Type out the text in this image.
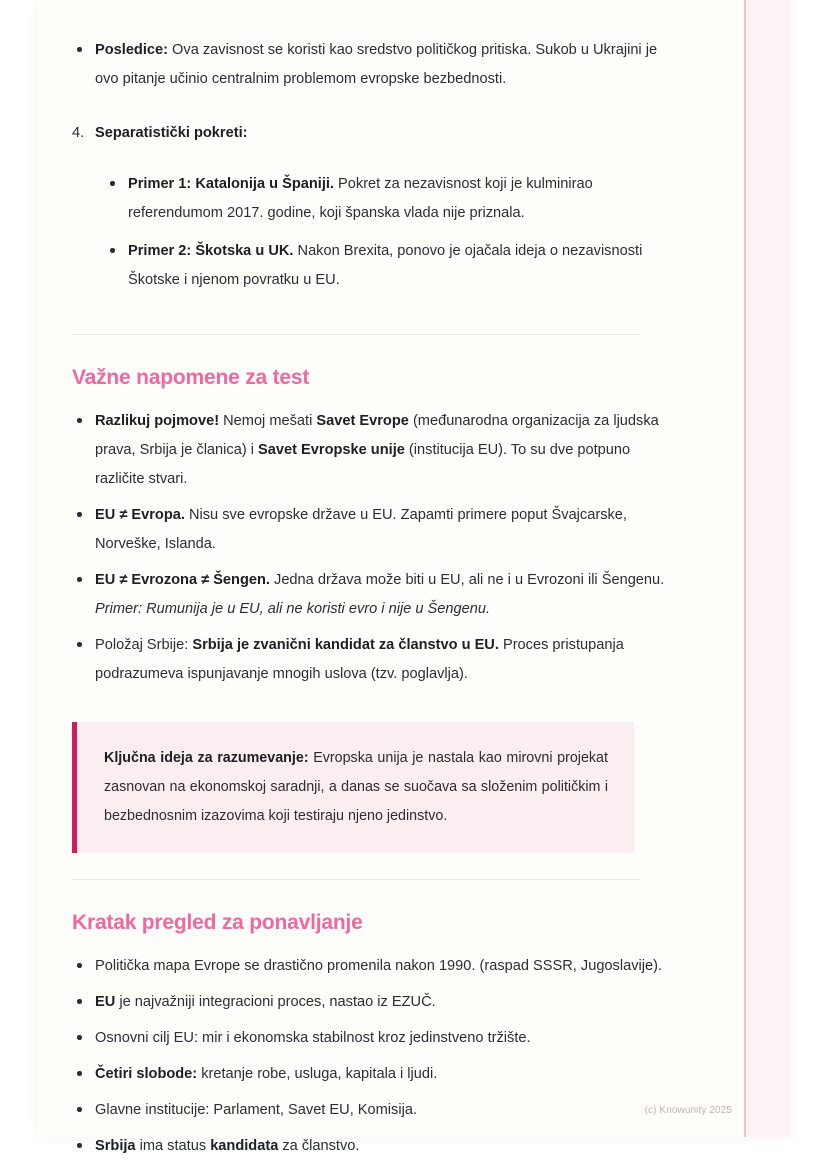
Posledice: Ova zavisnost se koristi kao sredstvo političkog pritiska. Sukob u Ukrajini je ovo pitanje učinio centralnim problemom evropske bezbednosti.
4. Separatistički pokreti:
Primer 1: Katalonija u Španiji. Pokret za nezavisnost koji je kulminirao referendumom 2017. godine, koji španska vlada nije priznala.
Primer 2: Škotska u UK. Nakon Brexita, ponovo je ojačala ideja o nezavisnosti Škotske i njenom povratku u EU.
Važne napomene za test
Razlikuj pojmove! Nemoj mešati Savet Evrope (međunarodna organizacija za ljudska prava, Srbija je članica) i Savet Evropske unije (institucija EU). To su dve potpuno različite stvari.
EU ≠ Evropa. Nisu sve evropske države u EU. Zapamti primere poput Švajcarske, Norveške, Islanda.
EU ≠ Evrozona ≠ Šengen. Jedna država može biti u EU, ali ne i u Evrozoni ili Šengenu. Primer: Rumunija je u EU, ali ne koristi evro i nije u Šengenu.
Položaj Srbije: Srbija je zvanični kandidat za članstvo u EU. Proces pristupanja podrazumeva ispunjavanje mnogih uslova (tzv. poglavlja).

Ključna ideja za razumevanje: Evropska unija je nastala kao mirovni projekat zasnovan na ekonomskoj saradnji, a danas se suočava sa složenim političkim i bezbednosnim izazovima koji testiraju njeno jedinstvo.

Kratak pregled za ponavljanje
Politička mapa Evrope se drastično promenila nakon 1990. (raspad SSSR, Jugoslavije).
EU je najvažniji integracioni proces, nastao iz EZUČ.
Osnovni cilj EU: mir i ekonomska stabilnost kroz jedinstveno tržište.
Četiri slobode: kretanje robe, usluga, kapitala i ljudi.
Glavne institucije: Parlament, Savet EU, Komisija.
Srbija ima status kandidata za članstvo.
(c) Knowunity 2025
